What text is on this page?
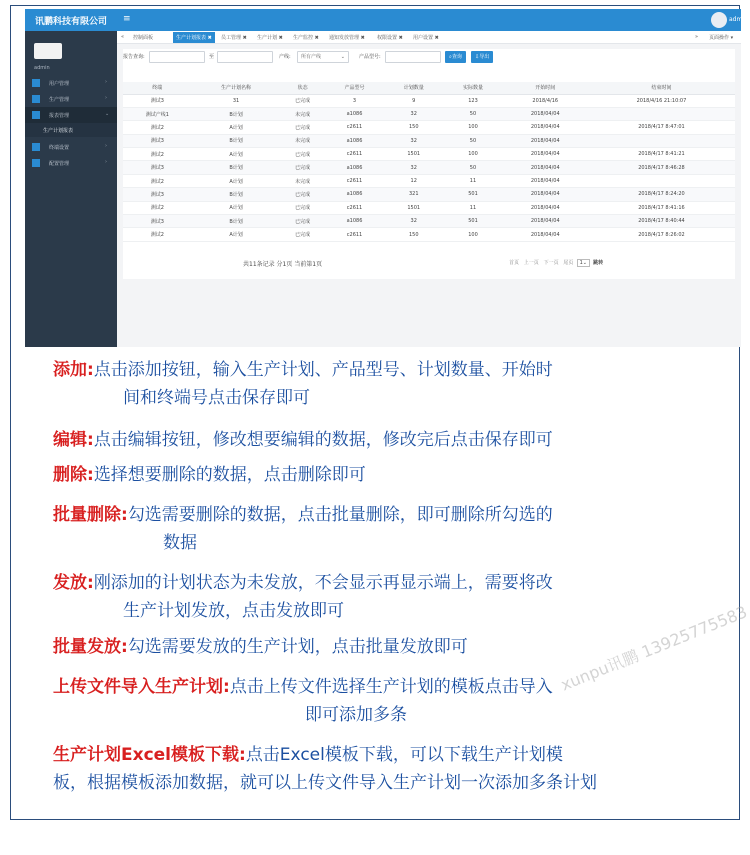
讯鹏科技有限公司 ≡	admin
admin
用户管理	›
生产管理	›
报表管理	⌄
生产计划报表
终端设置	›
配置管理	›
« 控制面板	生产计划报表 ✖	员工管理 ✖ 生产计划 ✖ 生产监控 ✖ 通知发放管理 ✖ 权限设置 ✖ 用户设置 ✖	» 页面操作 ▾
报告查询:	至	产线:	所有产线	⌄	产品型号:	⌕查询	⇩导出
终端	生产计划名称	状态	产品型号	计划数量	实际数量	开始时间	结束时间
测试3	31	已完成	3	9	123	2018/4/16	2018/4/16 21:10:07
测试产线1	B计划	未完成	a1086	32	50	2018/04/04	
测试2	A计划	已完成	c2611	150	100	2018/04/04	2018/4/17 8:47:01
测试3	B计划	未完成	a1086	32	50	2018/04/04	
测试2	A计划	已完成	c2611	1501	100	2018/04/04	2018/4/17 8:41:21
测试3	B计划	已完成	a1086	32	50	2018/04/04	2018/4/17 8:46:28
测试2	A计划	未完成	c2611	12	11	2018/04/04	
测试3	B计划	已完成	a1086	321	501	2018/04/04	2018/4/17 8:24:20
测试2	A计划	已完成	c2611	1501	11	2018/04/04	2018/4/17 8:41:16
测试3	B计划	已完成	a1086	32	501	2018/04/04	2018/4/17 8:40:44
测试2	A计划	已完成	c2611	150	100	2018/04/04	2018/4/17 8:26:02
共11条记录 分1页 当前第1页	首页 上一页 下一页 尾页 1⌄ 跳转
添加:点击添加按钮，输入生产计划、产品型号、计划数量、开始时
间和终端号点击保存即可
编辑:点击编辑按钮，修改想要编辑的数据，修改完后点击保存即可
删除:选择想要删除的数据，点击删除即可
批量删除:勾选需要删除的数据，点击批量删除，即可删除所勾选的
数据
发放:刚添加的计划状态为未发放，不会显示再显示端上，需要将改
生产计划发放，点击发放即可
批量发放:勾选需要发放的生产计划，点击批量发放即可
上传文件导入生产计划:点击上传文件选择生产计划的模板点击导入
即可添加多条
生产计划Excel模板下载:点击Excel模板下载，可以下载生产计划模
板，根据模板添加数据，就可以上传文件导入生产计划一次添加多条计划
xunpu讯鹏 13925775583
